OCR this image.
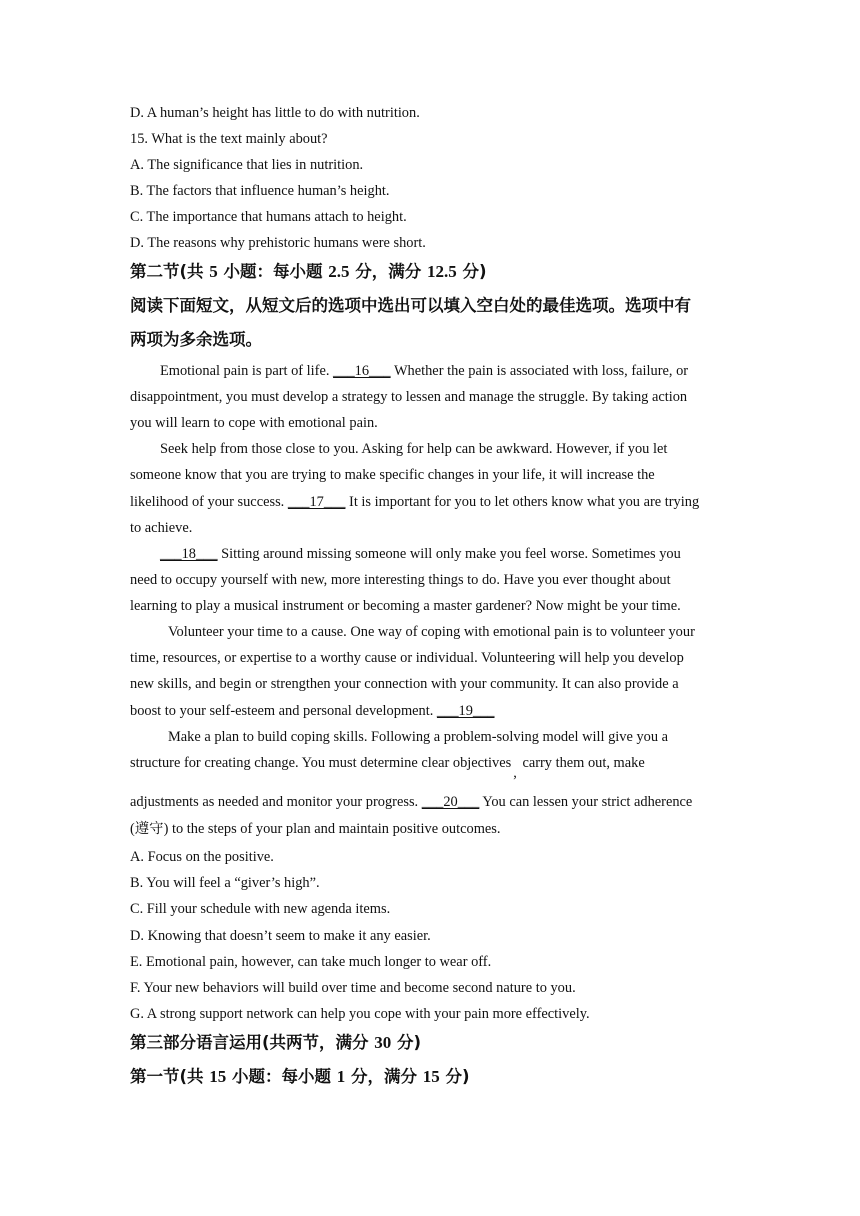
D. A human’s height has little to do with nutrition.
15. What is the text mainly about?
A. The significance that lies in nutrition.
B. The factors that influence human’s height.
C. The importance that humans attach to height.
D. The reasons why prehistoric humans were short.
第二节(共 5 小题：每小题 2.5 分，满分 12.5 分)
阅读下面短文，从短文后的选项中选出可以填入空白处的最佳选项。选项中有
两项为多余选项。
Emotional pain is part of life. ___16___ Whether the pain is associated with loss, failure, or
disappointment, you must develop a strategy to lessen and manage the struggle. By taking action
you will learn to cope with emotional pain.
Seek help from those close to you. Asking for help can be awkward. However, if you let
someone know that you are trying to make specific changes in your life, it will increase the
likelihood of your success. ___17___ It is important for you to let others know what you are trying
to achieve.
___18___ Sitting around missing someone will only make you feel worse. Sometimes you
need to occupy yourself with new, more interesting things to do. Have you ever thought about
learning to play a musical instrument or becoming a master gardener? Now might be your time.
Volunteer your time to a cause. One way of coping with emotional pain is to volunteer your
time, resources, or expertise to a worthy cause or individual. Volunteering will help you develop
new skills, and begin or strengthen your connection with your community. It can also provide a
boost to your self-esteem and personal development. ___19___
Make a plan to build coping skills. Following a problem-solving model will give you a
structure for creating change. You must determine clear objectives, carry them out, make
adjustments as needed and monitor your progress. ___20___ You can lessen your strict adherence
(遵守) to the steps of your plan and maintain positive outcomes.
A. Focus on the positive.
B. You will feel a “giver’s high”.
C. Fill your schedule with new agenda items.
D. Knowing that doesn’t seem to make it any easier.
E. Emotional pain, however, can take much longer to wear off.
F. Your new behaviors will build over time and become second nature to you.
G. A strong support network can help you cope with your pain more effectively.
第三部分语言运用(共两节，满分 30 分)
第一节(共 15 小题：每小题 1 分，满分 15 分)
